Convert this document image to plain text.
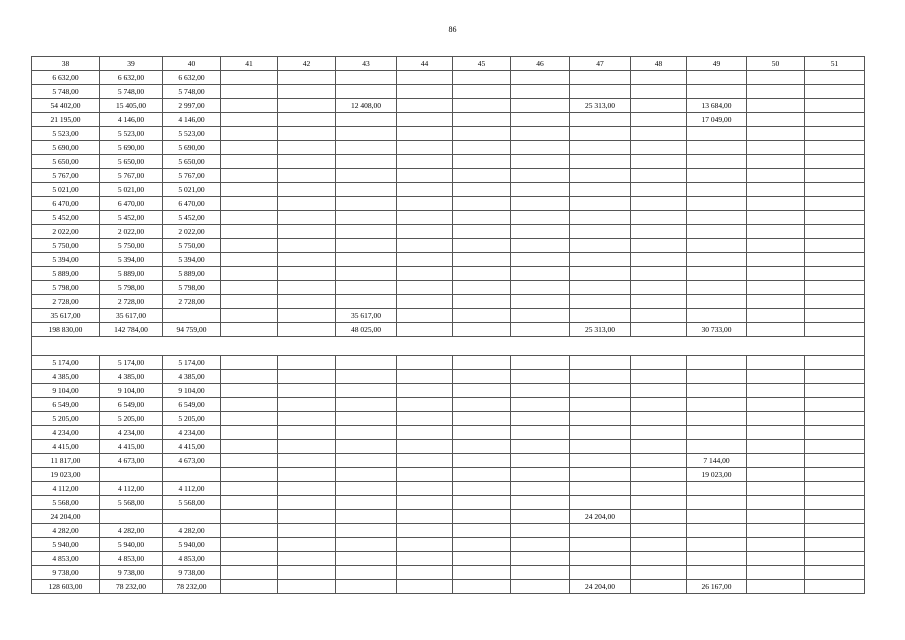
86
38	39	40	41	42	43	44	45	46	47	48	49	50	51
6 632,00	6 632,00	6 632,00											
5 748,00	5 748,00	5 748,00											
54 402,00	15 405,00	2 997,00			12 408,00				25 313,00		13 684,00		
21 195,00	4 146,00	4 146,00									17 049,00		
5 523,00	5 523,00	5 523,00											
5 690,00	5 690,00	5 690,00											
5 650,00	5 650,00	5 650,00											
5 767,00	5 767,00	5 767,00											
5 021,00	5 021,00	5 021,00											
6 470,00	6 470,00	6 470,00											
5 452,00	5 452,00	5 452,00											
2 022,00	2 022,00	2 022,00											
5 750,00	5 750,00	5 750,00											
5 394,00	5 394,00	5 394,00											
5 889,00	5 889,00	5 889,00											
5 798,00	5 798,00	5 798,00											
2 728,00	2 728,00	2 728,00											
35 617,00	35 617,00				35 617,00								
198 830,00	142 784,00	94 759,00			48 025,00				25 313,00		30 733,00		

5 174,00	5 174,00	5 174,00											
4 385,00	4 385,00	4 385,00											
9 104,00	9 104,00	9 104,00											
6 549,00	6 549,00	6 549,00											
5 205,00	5 205,00	5 205,00											
4 234,00	4 234,00	4 234,00											
4 415,00	4 415,00	4 415,00											
11 817,00	4 673,00	4 673,00									7 144,00		
19 023,00											19 023,00		
4 112,00	4 112,00	4 112,00											
5 568,00	5 568,00	5 568,00											
24 204,00									24 204,00				
4 282,00	4 282,00	4 282,00											
5 940,00	5 940,00	5 940,00											
4 853,00	4 853,00	4 853,00											
9 738,00	9 738,00	9 738,00											
128 603,00	78 232,00	78 232,00							24 204,00		26 167,00		
